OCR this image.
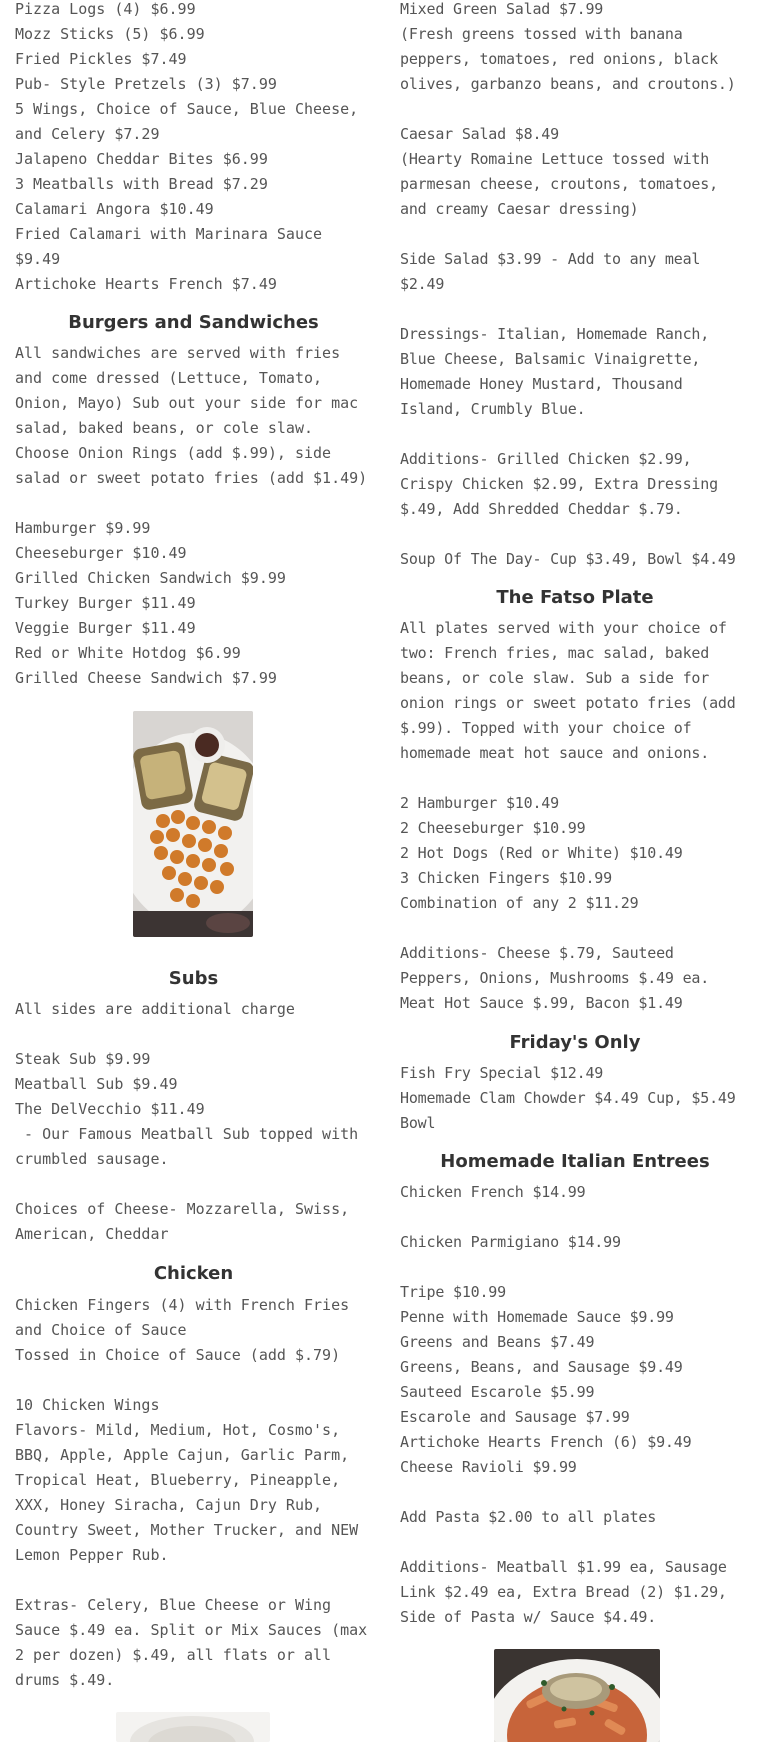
Pizza Logs (4) $6.99

Mozz Sticks (5) $6.99

Fried Pickles $7.49

Pub- Style Pretzels (3) $7.99

5 Wings, Choice of Sauce, Blue Cheese, and Celery $7.29

Jalapeno Cheddar Bites $6.99

3 Meatballs with Bread $7.29

Calamari Angora $10.49

Fried Calamari with Marinara Sauce $9.49

Artichoke Hearts French $7.49

Burgers and Sandwiches

All sandwiches are served with fries and come dressed (Lettuce, Tomato, Onion, Mayo) Sub out your side for mac salad, baked beans, or cole slaw. Choose Onion Rings (add $.99), side salad or sweet potato fries (add $1.49)

Hamburger $9.99

Cheeseburger $10.49

Grilled Chicken Sandwich $9.99

Turkey Burger $11.49

Veggie Burger $11.49

Red or White Hotdog $6.99

Grilled Cheese Sandwich $7.99

Subs

All sides are additional charge

Steak Sub $9.99

Meatball Sub $9.49

The DelVecchio $11.49

- Our Famous Meatball Sub topped with crumbled sausage.

Choices of Cheese- Mozzarella, Swiss, American, Cheddar

Chicken

Chicken Fingers (4) with French Fries and Choice of Sauce

Tossed in Choice of Sauce (add $.79)

10 Chicken Wings

Flavors- Mild, Medium, Hot, Cosmo's, BBQ, Apple, Apple Cajun, Garlic Parm, Tropical Heat, Blueberry, Pineapple, XXX, Honey Siracha, Cajun Dry Rub, Country Sweet, Mother Trucker, and NEW Lemon Pepper Rub.

Extras- Celery, Blue Cheese or Wing Sauce $.49 ea. Split or Mix Sauces (max 2 per dozen) $.49, all flats or all drums $.49.

Mixed Green Salad $7.99

(Fresh greens tossed with banana peppers, tomatoes, red onions, black olives, garbanzo beans, and croutons.)

Caesar Salad $8.49

(Hearty Romaine Lettuce tossed with parmesan cheese, croutons, tomatoes, and creamy Caesar dressing)

Side Salad $3.99 - Add to any meal $2.49

Dressings- Italian, Homemade Ranch, Blue Cheese, Balsamic Vinaigrette, Homemade Honey Mustard, Thousand Island, Crumbly Blue.

Additions- Grilled Chicken $2.99, Crispy Chicken $2.99, Extra Dressing $.49, Add Shredded Cheddar $.79.

Soup Of The Day- Cup $3.49, Bowl $4.49

The Fatso Plate

All plates served with your choice of two: French fries, mac salad, baked beans, or cole slaw. Sub a side for onion rings or sweet potato fries (add $.99). Topped with your choice of homemade meat hot sauce and onions.

2 Hamburger $10.49

2 Cheeseburger $10.99

2 Hot Dogs (Red or White) $10.49

3 Chicken Fingers $10.99

Combination of any 2 $11.29

Additions- Cheese $.79, Sauteed Peppers, Onions, Mushrooms $.49 ea. Meat Hot Sauce $.99, Bacon $1.49

Friday's Only

Fish Fry Special $12.49

Homemade Clam Chowder $4.49 Cup, $5.49 Bowl

Homemade Italian Entrees

Chicken French $14.99

Chicken Parmigiano $14.99

Tripe $10.99

Penne with Homemade Sauce $9.99

Greens and Beans $7.49

Greens, Beans, and Sausage $9.49

Sauteed Escarole $5.99

Escarole and Sausage $7.99

Artichoke Hearts French (6) $9.49

Cheese Ravioli $9.99

Add Pasta $2.00 to all plates

Additions- Meatball $1.99 ea, Sausage Link $2.49 ea, Extra Bread (2) $1.29, Side of Pasta w/ Sauce $4.49.
